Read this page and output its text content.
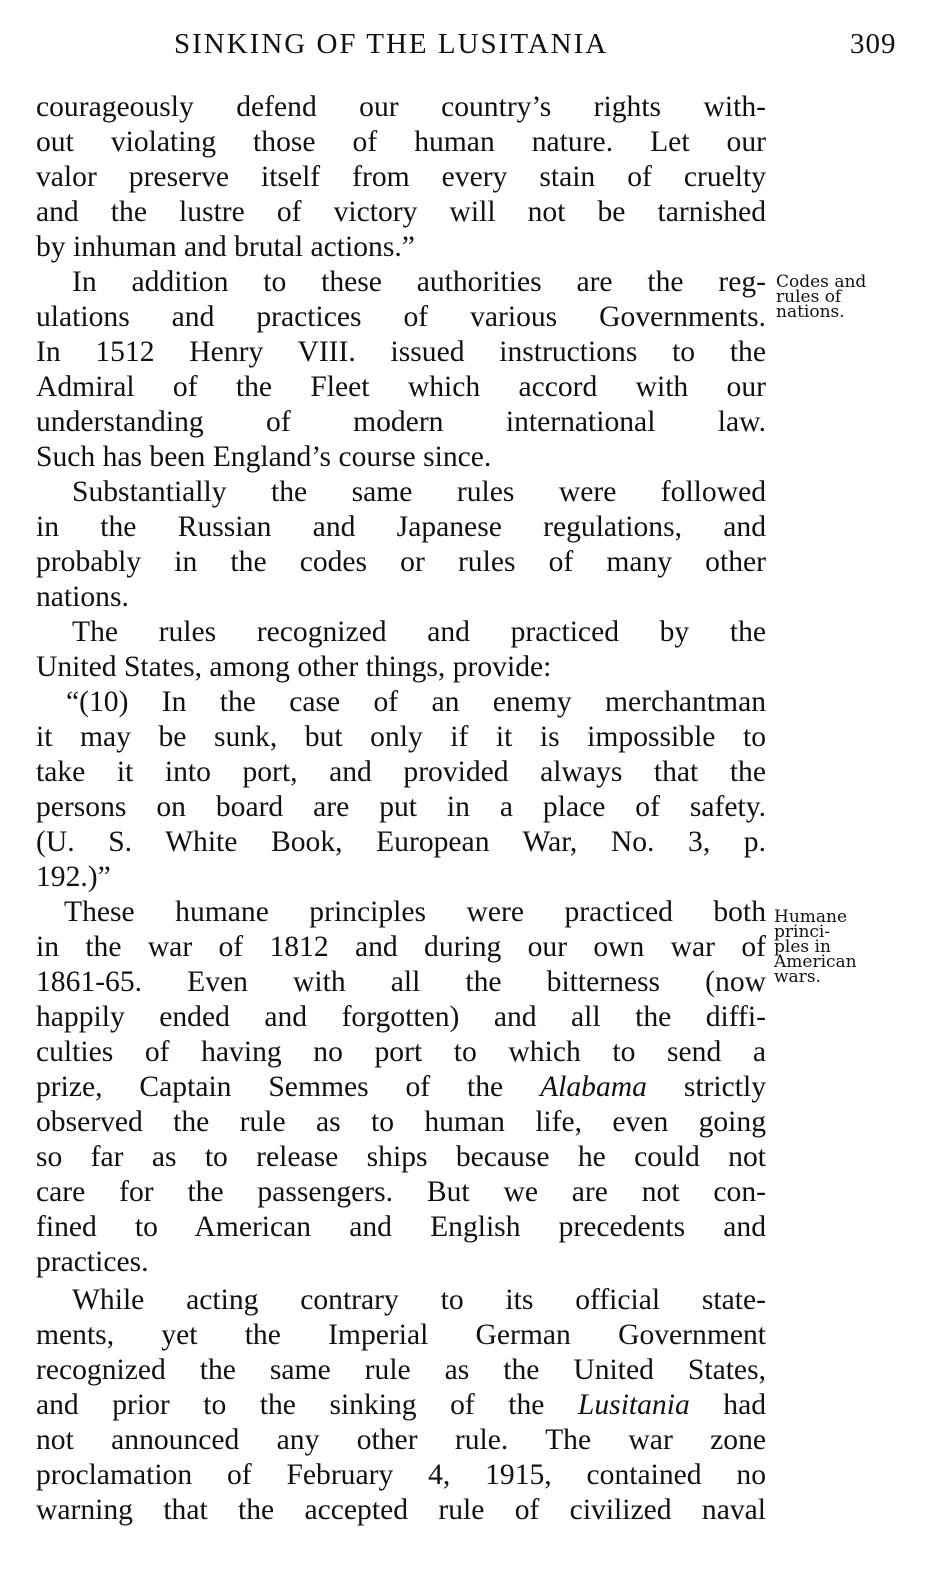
SINKING OF THE LUSITANIA	309

courageously defend our country’s rights with-
out violating those of human nature. Let our
valor preserve itself from every stain of cruelty
and the lustre of victory will not be tarnished
by inhuman and brutal actions.”

In addition to these authorities are the reg-
ulations and practices of various Governments.
In 1512 Henry VIII. issued instructions to the
Admiral of the Fleet which accord with our
understanding of modern international law.
Such has been England’s course since.

Substantially the same rules were followed
in the Russian and Japanese regulations, and
probably in the codes or rules of many other
nations.

The rules recognized and practiced by the
United States, among other things, provide:

“(10) In the case of an enemy merchantman
it may be sunk, but only if it is impossible to
take it into port, and provided always that the
persons on board are put in a place of safety.
(U. S. White Book, European War, No. 3, p.
192.)”

These humane principles were practiced both
in the war of 1812 and during our own war of
1861-65. Even with all the bitterness (now
happily ended and forgotten) and all the diffi-
culties of having no port to which to send a
prize, Captain Semmes of the Alabama strictly
observed the rule as to human life, even going
so far as to release ships because he could not
care for the passengers. But we are not con-
fined to American and English precedents and
practices.

While acting contrary to its official state-
ments, yet the Imperial German Government
recognized the same rule as the United States,
and prior to the sinking of the Lusitania had
not announced any other rule. The war zone
proclamation of February 4, 1915, contained no
warning that the accepted rule of civilized naval

Codes and
rules of
nations.
Humane
princi-
ples in
American
wars.
